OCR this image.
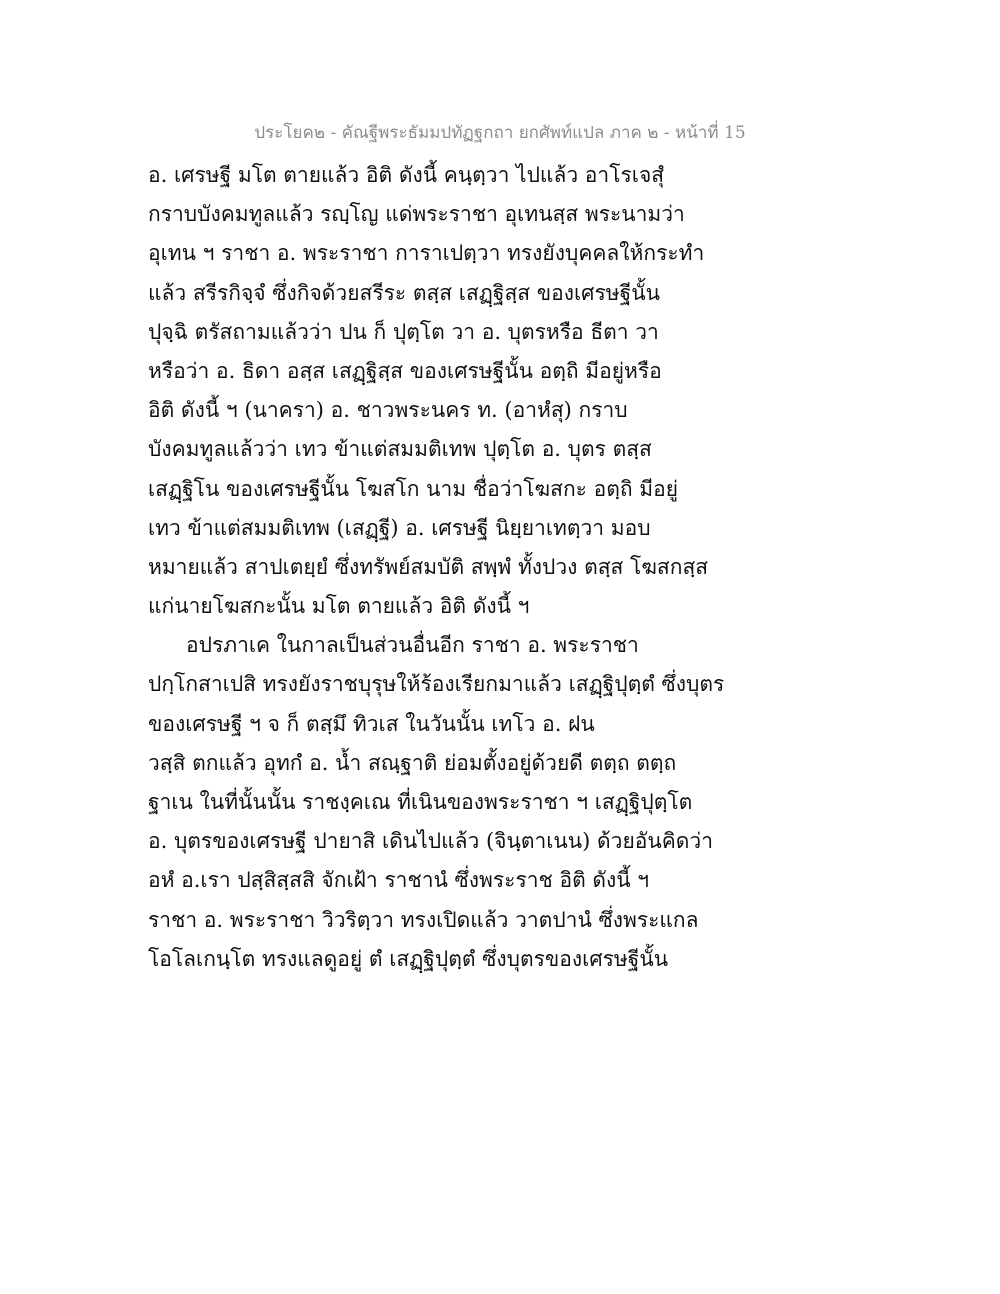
ประโยค๒ - คัณฐีพระธัมมปทัฏฐกถา ยกศัพท์แปล ภาค ๒ - หน้าที่ 15
อ. เศรษฐี มโต ตายแล้ว อิติ ดังนี้ คนฺตฺวา ไปแล้ว อาโรเจสุํ
กราบบังคมทูลแล้ว รญฺโญ แด่พระราชา อุเทนสฺส พระนามว่า
อุเทน ฯ ราชา อ. พระราชา การาเปตฺวา ทรงยังบุคคลให้กระทำ
แล้ว สรีรกิจฺจํ ซึ่งกิจด้วยสรีระ ตสฺส เสฏฺฐิสฺส ของเศรษฐีนั้น
ปุจฺฉิ ตรัสถามแล้วว่า ปน ก็ ปุตฺโต วา อ. บุตรหรือ ธีตา วา
หรือว่า อ. ธิดา อสฺส เสฏฺฐิสฺส ของเศรษฐีนั้น อตฺถิ มีอยู่หรือ
อิติ ดังนี้ ฯ (นาครา) อ. ชาวพระนคร ท. (อาหํสุ) กราบ
บังคมทูลแล้วว่า เทว ข้าแต่สมมติเทพ ปุตฺโต อ. บุตร ตสฺส
เสฏฺฐิโน ของเศรษฐีนั้น โฆสโก นาม ชื่อว่าโฆสกะ อตฺถิ มีอยู่
เทว ข้าแต่สมมติเทพ (เสฏฺฐี) อ. เศรษฐี นิยฺยาเทตฺวา มอบ
หมายแล้ว สาปเตยฺยํ ซึ่งทรัพย์สมบัติ สพฺพํ ทั้งปวง ตสฺส โฆสกสฺส
แก่นายโฆสกะนั้น มโต ตายแล้ว อิติ ดังนี้ ฯ
อปรภาเค ในกาลเป็นส่วนอื่นอีก ราชา อ. พระราชา
ปกฺโกสาเปสิ ทรงยังราชบุรุษให้ร้องเรียกมาแล้ว เสฏฺฐิปุตฺตํ ซึ่งบุตร
ของเศรษฐี ฯ จ ก็ ตสฺมึ ทิวเส ในวันนั้น เทโว อ. ฝน
วสฺสิ ตกแล้ว อุทกํ อ. น้ำ สณฺฐาติ ย่อมตั้งอยู่ด้วยดี ตตฺถ ตตฺถ
ฐาเน ในที่นั้นนั้น ราชงฺคเณ ที่เนินของพระราชา ฯ เสฏฺฐิปุตฺโต
อ. บุตรของเศรษฐี ปายาสิ เดินไปแล้ว (จินฺตาเนน) ด้วยอันคิดว่า
อหํ อ.เรา ปสฺสิสฺสสิ จักเฝ้า ราชานํ ซึ่งพระราช อิติ ดังนี้ ฯ
ราชา อ. พระราชา วิวริตฺวา ทรงเปิดแล้ว วาตปานํ ซึ่งพระแกล
โอโลเกนฺโต ทรงแลดูอยู่ ตํ เสฏฺฐิปุตฺตํ ซึ่งบุตรของเศรษฐีนั้น
